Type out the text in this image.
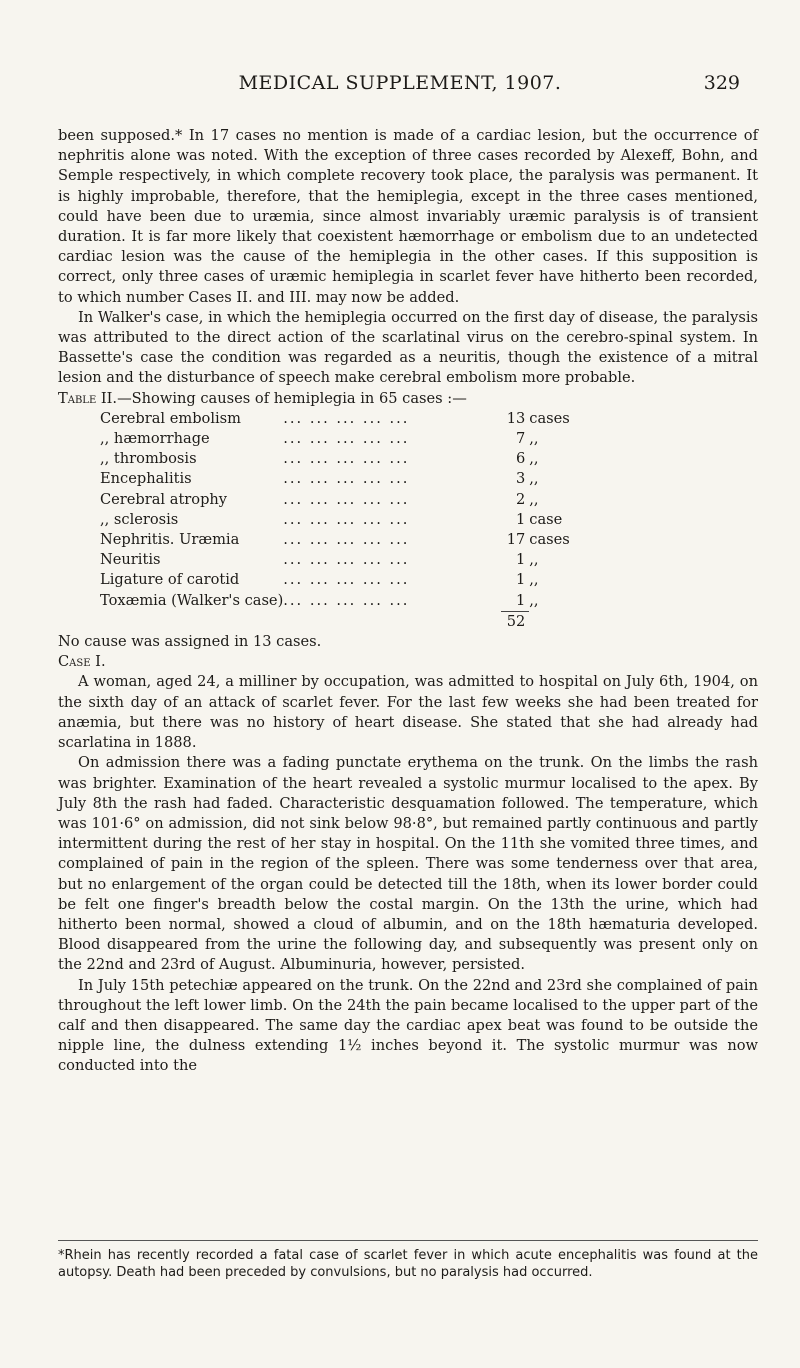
MEDICAL SUPPLEMENT, 1907.	329

been supposed.* In 17 cases no mention is made of a cardiac lesion, but the occurrence of nephritis alone was noted. With the exception of three cases recorded by Alexeff, Bohn, and Semple respectively, in which complete recovery took place, the paralysis was permanent. It is highly improbable, therefore, that the hemiplegia, except in the three cases mentioned, could have been due to uræmia, since almost invariably uræmic paralysis is of transient duration. It is far more likely that coexistent hæmorrhage or embolism due to an undetected cardiac lesion was the cause of the hemiplegia in the other cases. If this supposition is correct, only three cases of uræmic hemiplegia in scarlet fever have hitherto been recorded, to which number Cases II. and III. may now be added.

In Walker's case, in which the hemiplegia occurred on the first day of disease, the paralysis was attributed to the direct action of the scarlatinal virus on the cerebro-spinal system. In Bassette's case the condition was regarded as a neuritis, though the existence of a mitral lesion and the disturbance of speech make cerebral embolism more probable.

Table II.—Showing causes of hemiplegia in 65 cases :—

Cerebral embolism	... ... ... ... ...	13	cases
,, hæmorrhage	... ... ... ... ...	7	,,
,, thrombosis	... ... ... ... ...	6	,,
Encephalitis	... ... ... ... ...	3	,,
Cerebral atrophy	... ... ... ... ...	2	,,
,, sclerosis	... ... ... ... ...	1	case
Nephritis. Uræmia	... ... ... ... ...	17	cases
Neuritis	... ... ... ... ...	1	,,
Ligature of carotid	... ... ... ... ...	1	,,
Toxæmia (Walker's case)	... ... ... ... ...	1	,,
		52	

No cause was assigned in 13 cases.

Case I.

A woman, aged 24, a milliner by occupation, was admitted to hospital on July 6th, 1904, on the sixth day of an attack of scarlet fever. For the last few weeks she had been treated for anæmia, but there was no history of heart disease. She stated that she had already had scarlatina in 1888.

On admission there was a fading punctate erythema on the trunk. On the limbs the rash was brighter. Examination of the heart revealed a systolic murmur localised to the apex. By July 8th the rash had faded. Characteristic desquamation followed. The temperature, which was 101·6° on admission, did not sink below 98·8°, but remained partly continuous and partly intermittent during the rest of her stay in hospital. On the 11th she vomited three times, and complained of pain in the region of the spleen. There was some tenderness over that area, but no enlargement of the organ could be detected till the 18th, when its lower border could be felt one finger's breadth below the costal margin. On the 13th the urine, which had hitherto been normal, showed a cloud of albumin, and on the 18th hæmaturia developed. Blood disappeared from the urine the following day, and subsequently was present only on the 22nd and 23rd of August. Albuminuria, however, persisted.

In July 15th petechiæ appeared on the trunk. On the 22nd and 23rd she complained of pain throughout the left lower limb. On the 24th the pain became localised to the upper part of the calf and then disappeared. The same day the cardiac apex beat was found to be outside the nipple line, the dulness extending 1½ inches beyond it. The systolic murmur was now conducted into the

*Rhein has recently recorded a fatal case of scarlet fever in which acute encephalitis was found at the autopsy. Death had been preceded by convulsions, but no paralysis had occurred.
